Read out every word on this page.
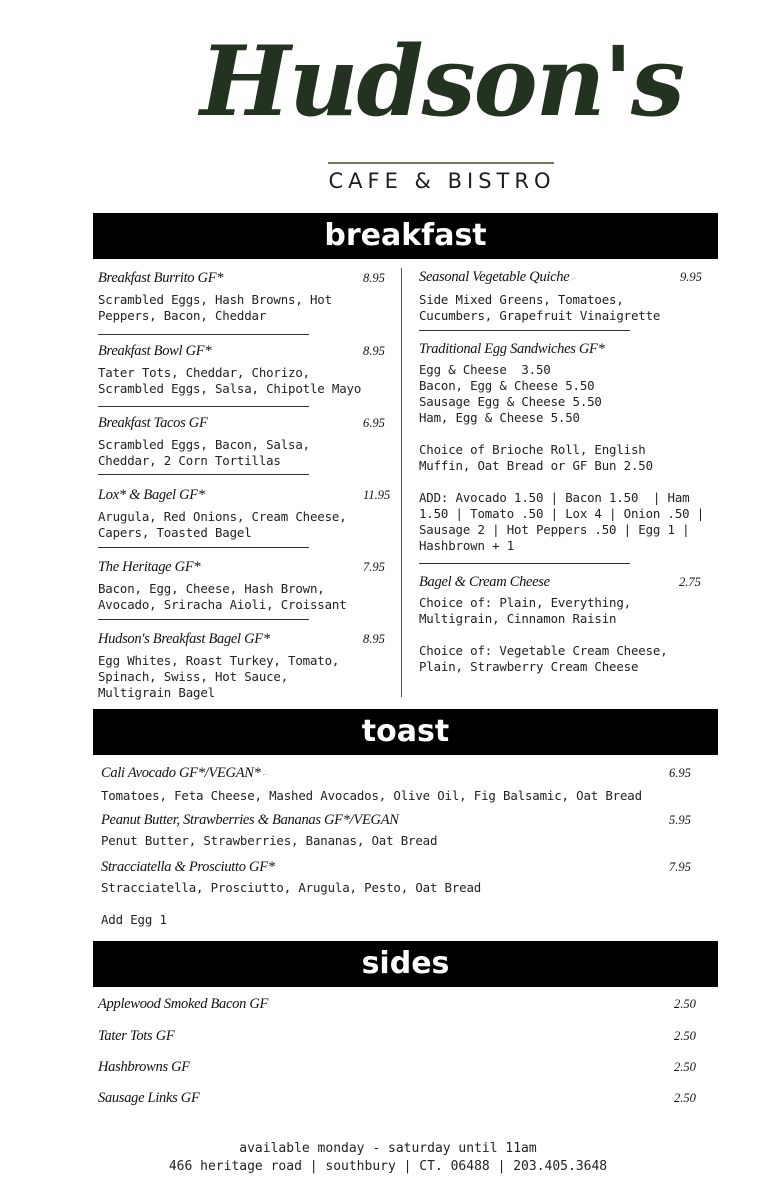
Hudson's
CAFE & BISTRO
breakfast
Breakfast Burrito GF*	8.95
Scrambled Eggs, Hash Browns, Hot
Peppers, Bacon, Cheddar
Breakfast Bowl GF*	8.95
Tater Tots, Cheddar, Chorizo,
Scrambled Eggs, Salsa, Chipotle Mayo
Breakfast Tacos GF	6.95
Scrambled Eggs, Bacon, Salsa,
Cheddar, 2 Corn Tortillas
Lox* & Bagel GF*	11.95
Arugula, Red Onions, Cream Cheese,
Capers, Toasted Bagel
The Heritage GF*	7.95
Bacon, Egg, Cheese, Hash Brown,
Avocado, Sriracha Aioli, Croissant
Hudson's Breakfast Bagel GF*	8.95
Egg Whites, Roast Turkey, Tomato,
Spinach, Swiss, Hot Sauce,
Multigrain Bagel
Seasonal Vegetable Quiche ⌐	9.95
Side Mixed Greens, Tomatoes,
Cucumbers, Grapefruit Vinaigrette
Traditional Egg Sandwiches GF*
Egg & Cheese  3.50
Bacon, Egg & Cheese 5.50
Sausage Egg & Cheese 5.50
Ham, Egg & Cheese 5.50
Choice of Brioche Roll, English
Muffin, Oat Bread or GF Bun 2.50
ADD: Avocado 1.50 | Bacon 1.50  | Ham
1.50 | Tomato .50 | Lox 4 | Onion .50 |
Sausage 2 | Hot Peppers .50 | Egg 1 |
Hashbrown + 1
Bagel & Cream Cheese	2.75
Choice of: Plain, Everything,
Multigrain, Cinnamon Raisin
Choice of: Vegetable Cream Cheese,
Plain, Strawberry Cream Cheese
toast
Cali Avocado GF*/VEGAN* ⌐	6.95
Tomatoes, Feta Cheese, Mashed Avocados, Olive Oil, Fig Balsamic, Oat Bread
Peanut Butter, Strawberries & Bananas GF*/VEGAN	5.95
Penut Butter, Strawberries, Bananas, Oat Bread
Stracciatella & Prosciutto GF*	7.95
Stracciatella, Prosciutto, Arugula, Pesto, Oat Bread
Add Egg 1
sides
Applewood Smoked Bacon GF	2.50
Tater Tots GF	2.50
Hashbrowns GF	2.50
Sausage Links GF	2.50
available monday - saturday until 11am
466 heritage road | southbury | CT. 06488 | 203.405.3648
